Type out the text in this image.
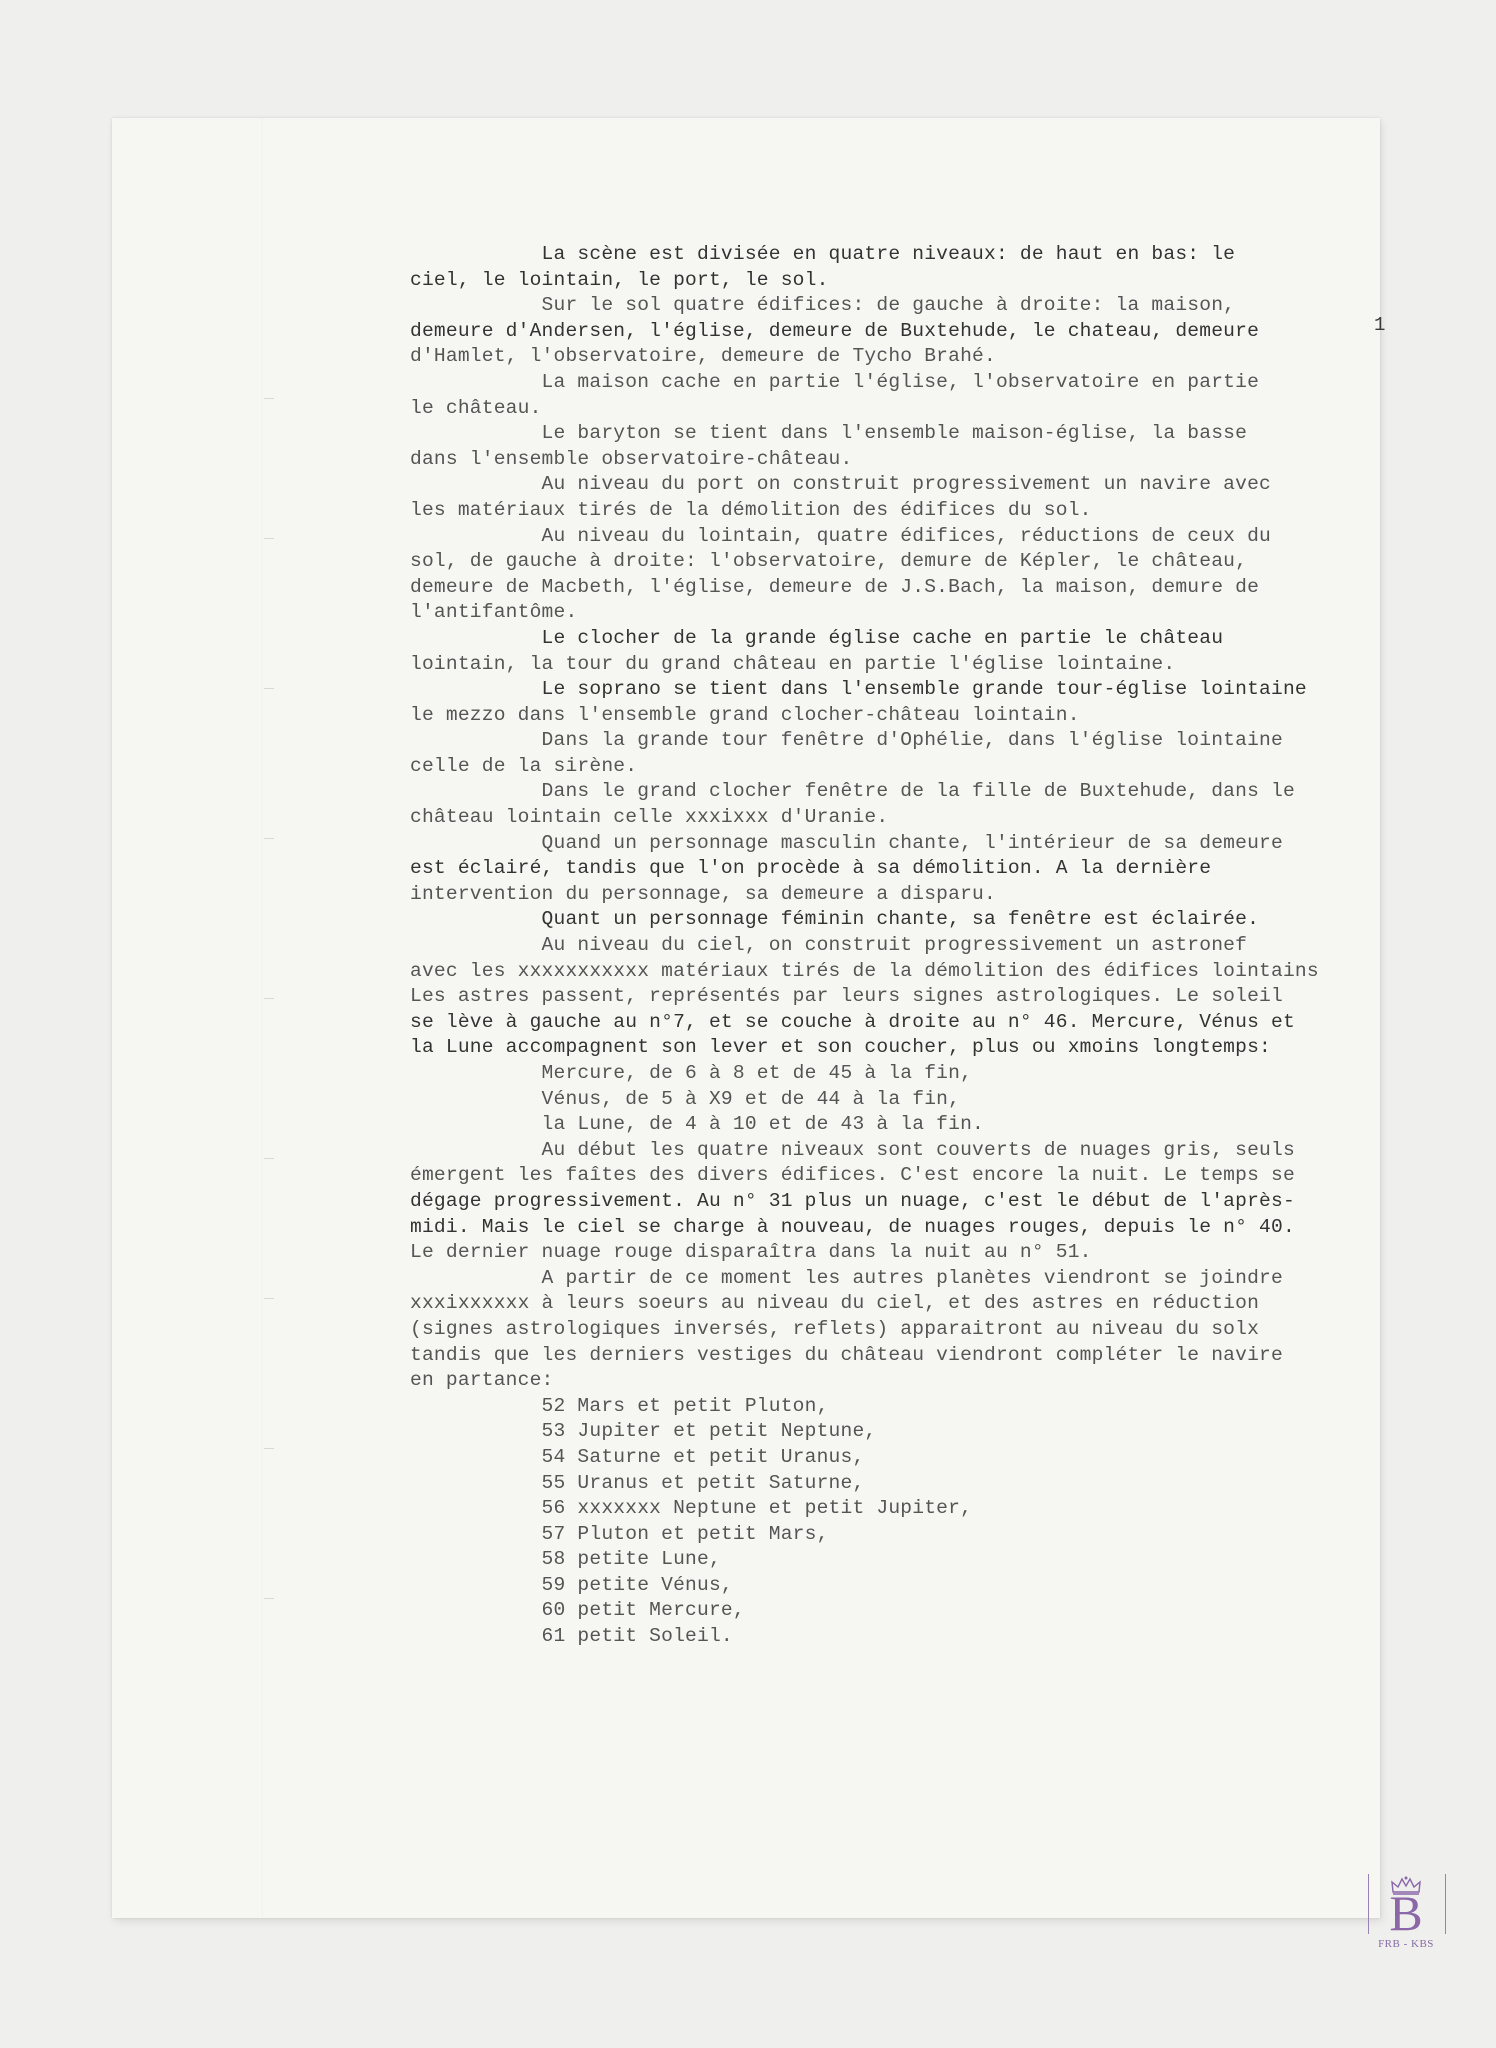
1
B
FRB - KBS
La scène est divisée en quatre niveaux: de haut en bas: le
ciel, le lointain, le port, le sol.
Sur le sol quatre édifices: de gauche à droite: la maison,
demeure d'Andersen, l'église, demeure de Buxtehude, le chateau, demeure
d'Hamlet, l'observatoire, demeure de Tycho Brahé.
La maison cache en partie l'église, l'observatoire en partie
le château.
Le baryton se tient dans l'ensemble maison-église, la basse
dans l'ensemble observatoire-château.
Au niveau du port on construit progressivement un navire avec
les matériaux tirés de la démolition des édifices du sol.
Au niveau du lointain, quatre édifices, réductions de ceux du
sol, de gauche à droite: l'observatoire, demure de Képler, le château,
demeure de Macbeth, l'église, demeure de J.S.Bach, la maison, demure de
l'antifantôme.
Le clocher de la grande église cache en partie le château
lointain, la tour du grand château en partie l'église lointaine.
Le soprano se tient dans l'ensemble grande tour-église lointaine
le mezzo dans l'ensemble grand clocher-château lointain.
Dans la grande tour fenêtre d'Ophélie, dans l'église lointaine
celle de la sirène.
Dans le grand clocher fenêtre de la fille de Buxtehude, dans le
château lointain celle xxxixxx d'Uranie.
Quand un personnage masculin chante, l'intérieur de sa demeure
est éclairé, tandis que l'on procède à sa démolition. A la dernière
intervention du personnage, sa demeure a disparu.
Quant un personnage féminin chante, sa fenêtre est éclairée.
Au niveau du ciel, on construit progressivement un astronef
avec les xxxxxxxxxxx matériaux tirés de la démolition des édifices lointains
Les astres passent, représentés par leurs signes astrologiques. Le soleil
se lève à gauche au n°7, et se couche à droite au n° 46. Mercure, Vénus et
la Lune accompagnent son lever et son coucher, plus ou xmoins longtemps:
Mercure, de 6 à 8 et de 45 à la fin,
Vénus, de 5 à X9 et de 44 à la fin,
la Lune, de 4 à 10 et de 43 à la fin.
Au début les quatre niveaux sont couverts de nuages gris, seuls
émergent les faîtes des divers édifices. C'est encore la nuit. Le temps se
dégage progressivement. Au n° 31 plus un nuage, c'est le début de l'après-
midi. Mais le ciel se charge à nouveau, de nuages rouges, depuis le n° 40.
Le dernier nuage rouge disparaîtra dans la nuit au n° 51.
A partir de ce moment les autres planètes viendront se joindre
xxxixxxxxx à leurs soeurs au niveau du ciel, et des astres en réduction
(signes astrologiques inversés, reflets) apparaitront au niveau du solx
tandis que les derniers vestiges du château viendront compléter le navire
en partance:
52 Mars et petit Pluton,
53 Jupiter et petit Neptune,
54 Saturne et petit Uranus,
55 Uranus et petit Saturne,
56 xxxxxxx Neptune et petit Jupiter,
57 Pluton et petit Mars,
58 petite Lune,
59 petite Vénus,
60 petit Mercure,
61 petit Soleil.
